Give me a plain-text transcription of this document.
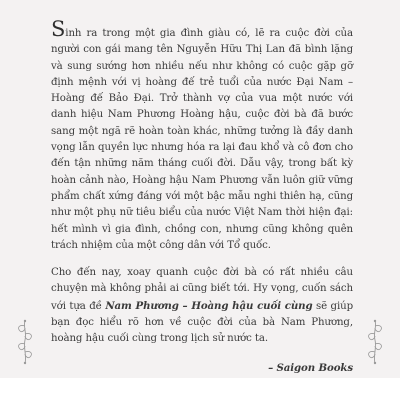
Sinh ra trong một gia đình giàu có, lẽ ra cuộc đời của người con gái mang tên Nguyễn Hữu Thị Lan đã bình lặng và sung sướng hơn nhiều nếu như không có cuộc gặp gỡ định mệnh với vị hoàng đế trẻ tuổi của nước Đại Nam – Hoàng đế Bảo Đại. Trở thành vợ của vua một nước với danh hiệu Nam Phương Hoàng hậu, cuộc đời bà đã bước sang một ngã rẽ hoàn toàn khác, những tưởng là đầy danh vọng lẫn quyền lực nhưng hóa ra lại đau khổ và cô đơn cho đến tận những năm tháng cuối đời. Dẫu vậy, trong bất kỳ hoàn cảnh nào, Hoàng hậu Nam Phương vẫn luôn giữ vững phẩm chất xứng đáng với một bậc mẫu nghi thiên hạ, cũng như một phụ nữ tiêu biểu của nước Việt Nam thời hiện đại: hết mình vì gia đình, chồng con, nhưng cũng không quên trách nhiệm của một công dân với Tổ quốc.

Cho đến nay, xoay quanh cuộc đời bà có rất nhiều câu chuyện mà không phải ai cũng biết tới. Hy vọng, cuốn sách với tựa đề Nam Phương – Hoàng hậu cuối cùng sẽ giúp bạn đọc hiểu rõ hơn về cuộc đời của bà Nam Phương, hoàng hậu cuối cùng trong lịch sử nước ta.

– Saigon Books
